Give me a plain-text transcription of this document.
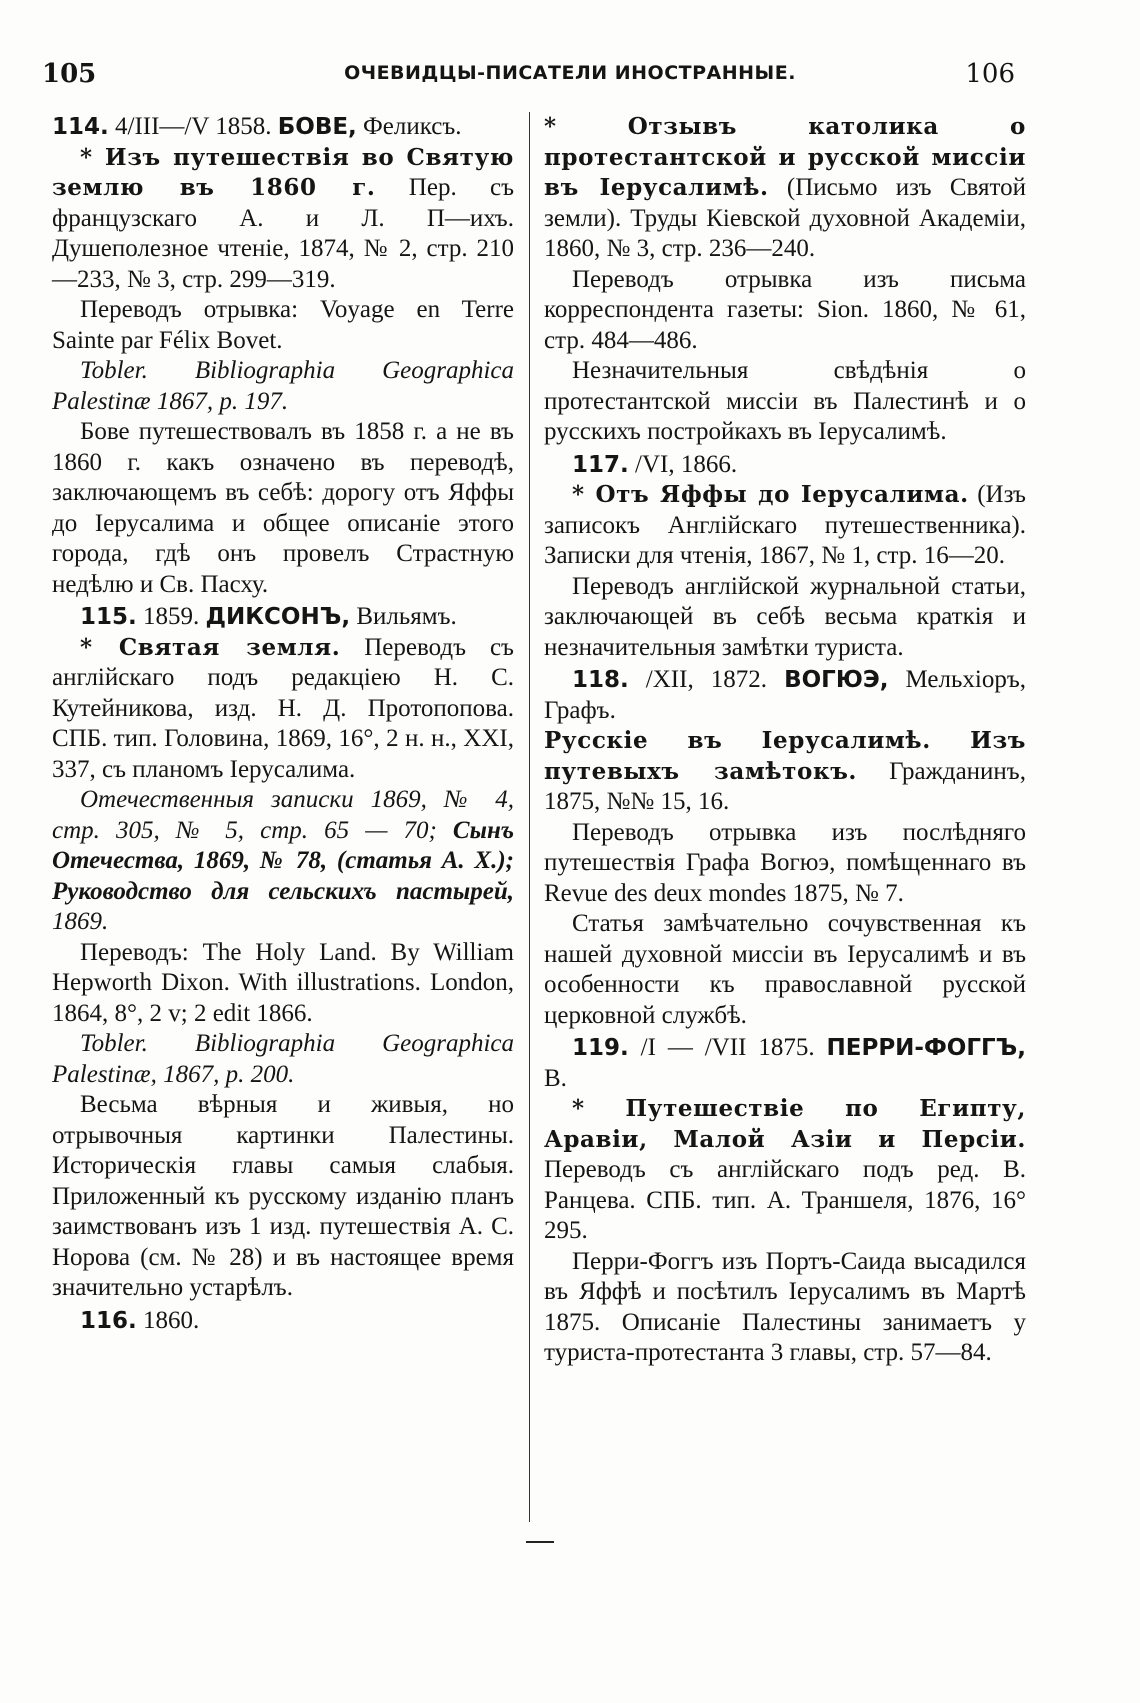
105	ОЧЕВИДЦЫ-ПИСАТЕЛИ ИНОСТРАННЫЕ.	106

114. 4/III—/V 1858. БОВЕ, Феликсъ.

* Изъ путешествія во Святую землю въ 1860 г. Пер. съ французскаго А. и Л. П—ихъ. Душеполезное чтеніе, 1874, № 2, стр. 210—233, № 3, стр. 299—319.

Переводъ отрывка: Voyage en Terre Sainte par Félix Bovet.

Tobler. Bibliographia Geographica Palestinæ 1867, p. 197.

Бове путешествовалъ въ 1858 г. а не въ 1860 г. какъ означено въ переводѣ, заключающемъ въ себѣ: дорогу отъ Яффы до Іерусалима и общее описаніе этого города, гдѣ онъ провелъ Страстную недѣлю и Св. Пасху.

115. 1859. ДИКСОНЪ, Вильямъ.

* Святая земля. Переводъ съ англійскаго подъ редакціею Н. С. Кутейникова, изд. Н. Д. Протопопова. СПБ. тип. Головина, 1869, 16°, 2 н. н., XXI, 337, съ планомъ Іерусалима.

Отечественныя записки 1869, № 4, стр. 305, № 5, стр. 65 — 70; Сынъ Отечества, 1869, № 78, (статья А. Х.); Руководство для сельскихъ пастырей, 1869.

Переводъ: The Holy Land. By William Hepworth Dixon. With illustrations. London, 1864, 8°, 2 v; 2 edit 1866.

Tobler. Bibliographia Geographica Palestinæ, 1867, p. 200.

Весьма вѣрныя и живыя, но отрывочныя картинки Палестины. Историческія главы самыя слабыя. Приложенный къ русскому изданію планъ заимствованъ изъ 1 изд. путешествія А. С. Норова (см. № 28) и въ настоящее время значительно устарѣлъ.

116. 1860.

* Отзывъ католика о протестантской и русской миссіи въ Іерусалимѣ. (Письмо изъ Святой земли). Труды Кіевской духовной Академіи, 1860, № 3, стр. 236—240.

Переводъ отрывка изъ письма корреспондента газеты: Sion. 1860, № 61, стр. 484—486.

Незначительныя свѣдѣнія о протестантской миссіи въ Палестинѣ и о русскихъ постройкахъ въ Іерусалимѣ.

117. /VI, 1866.

* Отъ Яффы до Іерусалима. (Изъ записокъ Англійскаго путешественника). Записки для чтенія, 1867, № 1, стр. 16—20.

Переводъ англійской журнальной статьи, заключающей въ себѣ весьма краткія и незначительныя замѣтки туриста.

118. /XII, 1872. ВОГЮЭ, Мельхіоръ, Графъ.

Русскіе въ Іерусалимѣ. Изъ путевыхъ замѣтокъ. Гражданинъ, 1875, №№ 15, 16.

Переводъ отрывка изъ послѣдняго путешествія Графа Вогюэ, помѣщеннаго въ Revue des deux mondes 1875, № 7.

Статья замѣчательно сочувственная къ нашей духовной миссіи въ Іерусалимѣ и въ особенности къ православной русской церковной службѣ.

119. /I — /VII 1875. ПЕРРИ-ФОГГЪ, В.

* Путешествіе по Египту, Аравіи, Малой Азіи и Персіи. Переводъ съ англійскаго подъ ред. В. Ранцева. СПБ. тип. А. Траншеля, 1876, 16° 295.

Перри-Фоггъ изъ Портъ-Саида высадился въ Яффѣ и посѣтилъ Іерусалимъ въ Мартѣ 1875. Описаніе Палестины занимаетъ у туриста-протестанта 3 главы, стр. 57—84.
